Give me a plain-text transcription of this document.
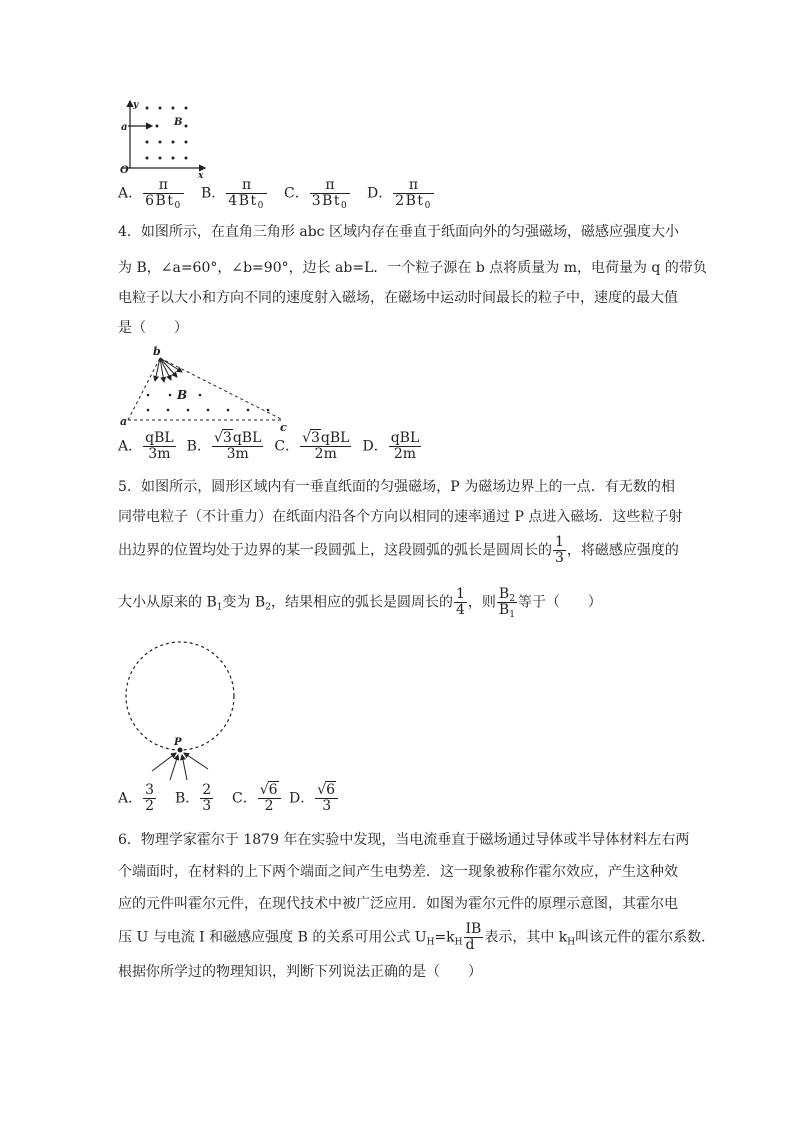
y
x
O
a	B
A． $\frac{\pi}{6Bt_0}$ B． $\frac{\pi}{4Bt_0}$ C． $\frac{\pi}{3Bt_0}$ D． $\frac{\pi}{2Bt_0}$
4．如图所示，在直角三角形 abc 区域内存在垂直于纸面向外的匀强磁场，磁感应强度大小
为 B，∠a=60°，∠b=90°，边长 ab=L．一个粒子源在 b 点将质量为 m，电荷量为 q 的带负
电粒子以大小和方向不同的速度射入磁场，在磁场中运动时间最长的粒子中，速度的最大值
是（　　）
b
a	c
B
A． $\frac{\text{qBL}}{3m}$ B． $\frac{\text{√3qBL}}{3m}$ C． $\frac{\text{√3qBL}}{2m}$ D． $\frac{\text{qBL}}{2m}$
5．如图所示，圆形区域内有一垂直纸面的匀强磁场，P 为磁场边界上的一点．有无数的相
同带电粒子（不计重力）在纸面内沿各个方向以相同的速率通过 P 点进入磁场．这些粒子射
出边界的位置均处于边界的某一段圆弧上，这段圆弧的弧长是圆周长的 $\frac{1}{3}$ ，将磁感应强度的
大小从原来的 $B_1$变为 $B_2$，结果相应的弧长是圆周长的 $\frac{1}{4}$ ，则 $\frac{B_2}{B_1}$ 等于（　　）
P
A． $\frac{3}{2}$ B． $\frac{2}{3}$ C． $\frac{√6}{2}$ D． $\frac{√6}{3}$
6．物理学家霍尔于 1879 年在实验中发现，当电流垂直于磁场通过导体或半导体材料左右两
个端面时，在材料的上下两个端面之间产生电势差．这一现象被称作霍尔效应，产生这种效
应的元件叫霍尔元件，在现代技术中被广泛应用．如图为霍尔元件的原理示意图，其霍尔电
压 U 与电流 I 和磁感应强度 B 的关系可用公式 $U_H=k_H \frac{IB}{d}$ 表示，其中 $k_H$叫该元件的霍尔系数．
根据你所学过的物理知识，判断下列说法正确的是（　　）
